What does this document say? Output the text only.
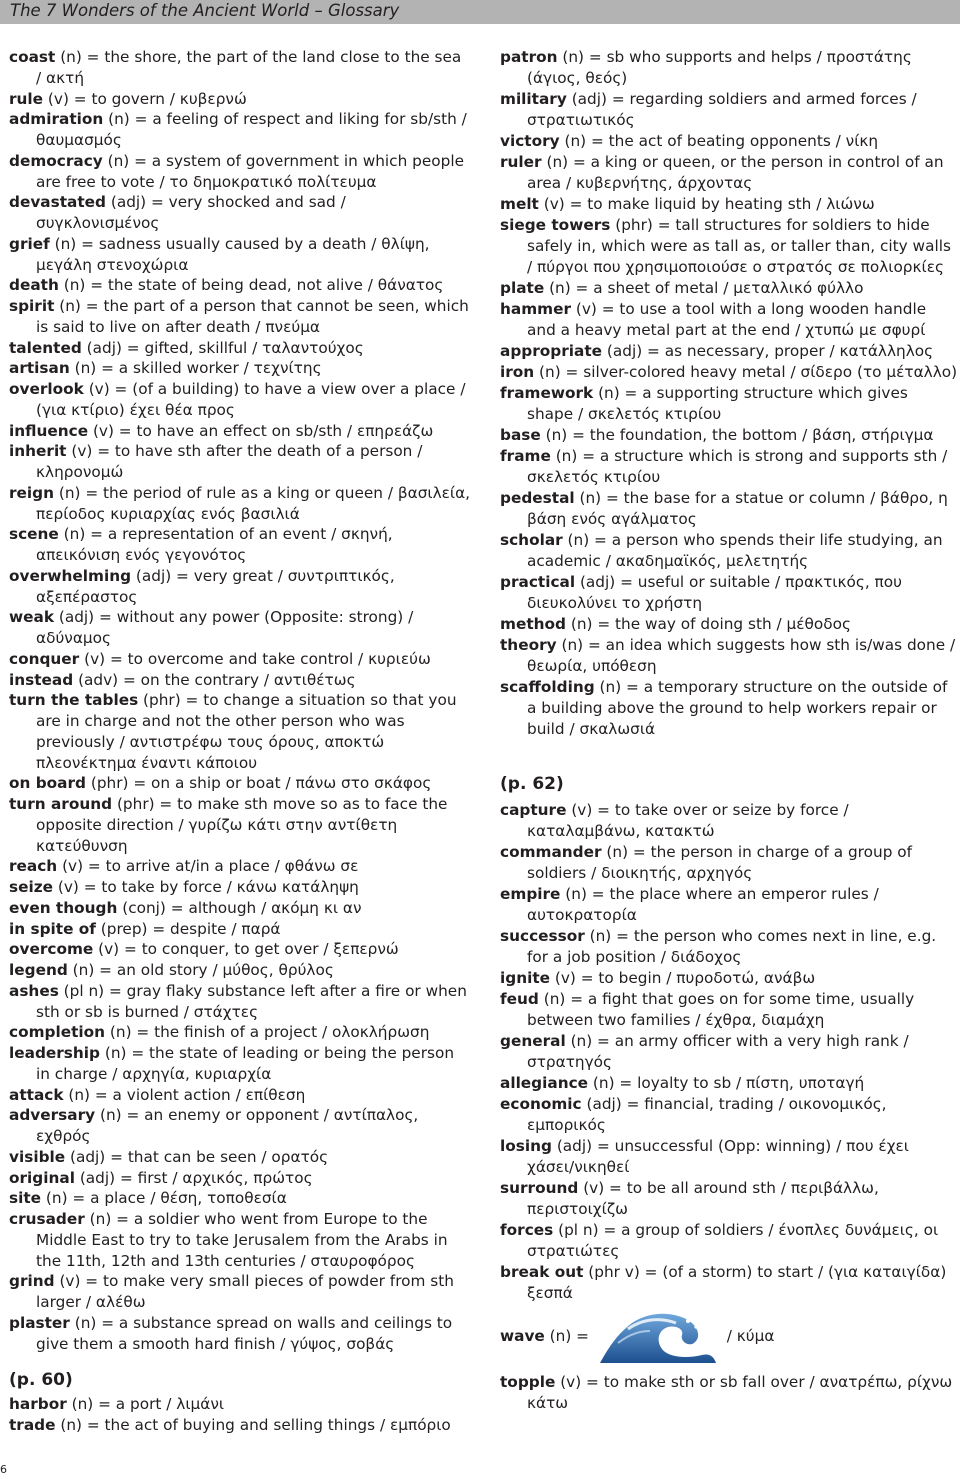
The 7 Wonders of the Ancient World – Glossary
coast (n) = the shore, the part of the land close to the sea / ακτή
rule (v) = to govern / κυβερνώ
admiration (n) = a feeling of respect and liking for sb/sth / θαυμασμός
democracy (n) = a system of government in which people are free to vote / το δημοκρατικό πολίτευμα
devastated (adj) = very shocked and sad / συγκλονισμένος
grief (n) = sadness usually caused by a death / θλίψη, μεγάλη στενοχώρια
death (n) = the state of being dead, not alive / θάνατος
spirit (n) = the part of a person that cannot be seen, which is said to live on after death / πνεύμα
talented (adj) = gifted, skillful / ταλαντούχος
artisan (n) = a skilled worker / τεχνίτης
overlook (v) = (of a building) to have a view over a place / (για κτίριο) έχει θέα προς
influence (v) = to have an effect on sb/sth / επηρεάζω
inherit (v) = to have sth after the death of a person / κληρονομώ
reign (n) = the period of rule as a king or queen / βασιλεία, περίοδος κυριαρχίας ενός βασιλιά
scene (n) = a representation of an event / σκηνή, απεικόνιση ενός γεγονότος
overwhelming (adj) = very great / συντριπτικός, αξεπέραστος
weak (adj) = without any power (Opposite: strong) / αδύναμος
conquer (v) = to overcome and take control / κυριεύω
instead (adv) = on the contrary / αντιθέτως
turn the tables (phr) = to change a situation so that you are in charge and not the other person who was previously / αντιστρέφω τους όρους, αποκτώ πλεονέκτημα έναντι κάποιου
on board (phr) = on a ship or boat / πάνω στο σκάφος
turn around (phr) = to make sth move so as to face the opposite direction / γυρίζω κάτι στην αντίθετη κατεύθυνση
reach (v) = to arrive at/in a place / φθάνω σε
seize (v) = to take by force / κάνω κατάληψη
even though (conj) = although / ακόμη κι αν
in spite of (prep) = despite / παρά
overcome (v) = to conquer, to get over / ξεπερνώ
legend (n) = an old story / μύθος, θρύλος
ashes (pl n) = gray flaky substance left after a fire or when sth or sb is burned / στάχτες
completion (n) = the finish of a project / ολοκλήρωση
leadership (n) = the state of leading or being the person in charge / αρχηγία, κυριαρχία
attack (n) = a violent action / επίθεση
adversary (n) = an enemy or opponent / αντίπαλος, εχθρός
visible (adj) = that can be seen / ορατός
original (adj) = first / αρχικός, πρώτος
site (n) = a place / θέση, τοποθεσία
crusader (n) = a soldier who went from Europe to the Middle East to try to take Jerusalem from the Arabs in the 11th, 12th and 13th centuries / σταυροφόρος
grind (v) = to make very small pieces of powder from sth larger / αλέθω
plaster (n) = a substance spread on walls and ceilings to give them a smooth hard finish / γύψος, σοβάς
(p. 60)
harbor (n) = a port / λιμάνι
trade (n) = the act of buying and selling things / εμπόριο
patron (n) = sb who supports and helps / προστάτης (άγιος, θεός)
military (adj) = regarding soldiers and armed forces / στρατιωτικός
victory (n) = the act of beating opponents / νίκη
ruler (n) = a king or queen, or the person in control of an area / κυβερνήτης, άρχοντας
melt (v) = to make liquid by heating sth / λιώνω
siege towers (phr) = tall structures for soldiers to hide safely in, which were as tall as, or taller than, city walls / πύργοι που χρησιμοποιούσε ο στρατός σε πολιορκίες
plate (n) = a sheet of metal / μεταλλικό φύλλο
hammer (v) = to use a tool with a long wooden handle and a heavy metal part at the end / χτυπώ με σφυρί
appropriate (adj) = as necessary, proper / κατάλληλος
iron (n) = silver-colored heavy metal / σίδερο (το μέταλλο)
framework (n) = a supporting structure which gives shape / σκελετός κτιρίου
base (n) = the foundation, the bottom / βάση, στήριγμα
frame (n) = a structure which is strong and supports sth / σκελετός κτιρίου
pedestal (n) = the base for a statue or column / βάθρο, η βάση ενός αγάλματος
scholar (n) = a person who spends their life studying, an academic / ακαδημαϊκός, μελετητής
practical (adj) = useful or suitable / πρακτικός, που διευκολύνει το χρήστη
method (n) = the way of doing sth / μέθοδος
theory (n) = an idea which suggests how sth is/was done / θεωρία, υπόθεση
scaffolding (n) = a temporary structure on the outside of a building above the ground to help workers repair or build / σκαλωσιά
(p. 62)
capture (v) = to take over or seize by force / καταλαμβάνω, κατακτώ
commander (n) = the person in charge of a group of soldiers / διοικητής, αρχηγός
empire (n) = the place where an emperor rules / αυτοκρατορία
successor (n) = the person who comes next in line, e.g. for a job position / διάδοχος
ignite (v) = to begin / πυροδοτώ, ανάβω
feud (n) = a fight that goes on for some time, usually between two families / έχθρα, διαμάχη
general (n) = an army officer with a very high rank / στρατηγός
allegiance (n) = loyalty to sb / πίστη, υποταγή
economic (adj) = financial, trading / οικονομικός, εμπορικός
losing (adj) = unsuccessful (Opp: winning) / που έχει χάσει/νικηθεί
surround (v) = to be all around sth / περιβάλλω, περιστοιχίζω
forces (pl n) = a group of soldiers / ένοπλες δυνάμεις, οι στρατιώτες
break out (phr v) = (of a storm) to start / (για καταιγίδα) ξεσπά
wave (n) =	/ κύμα
topple (v) = to make sth or sb fall over / ανατρέπω, ρίχνω κάτω
6
